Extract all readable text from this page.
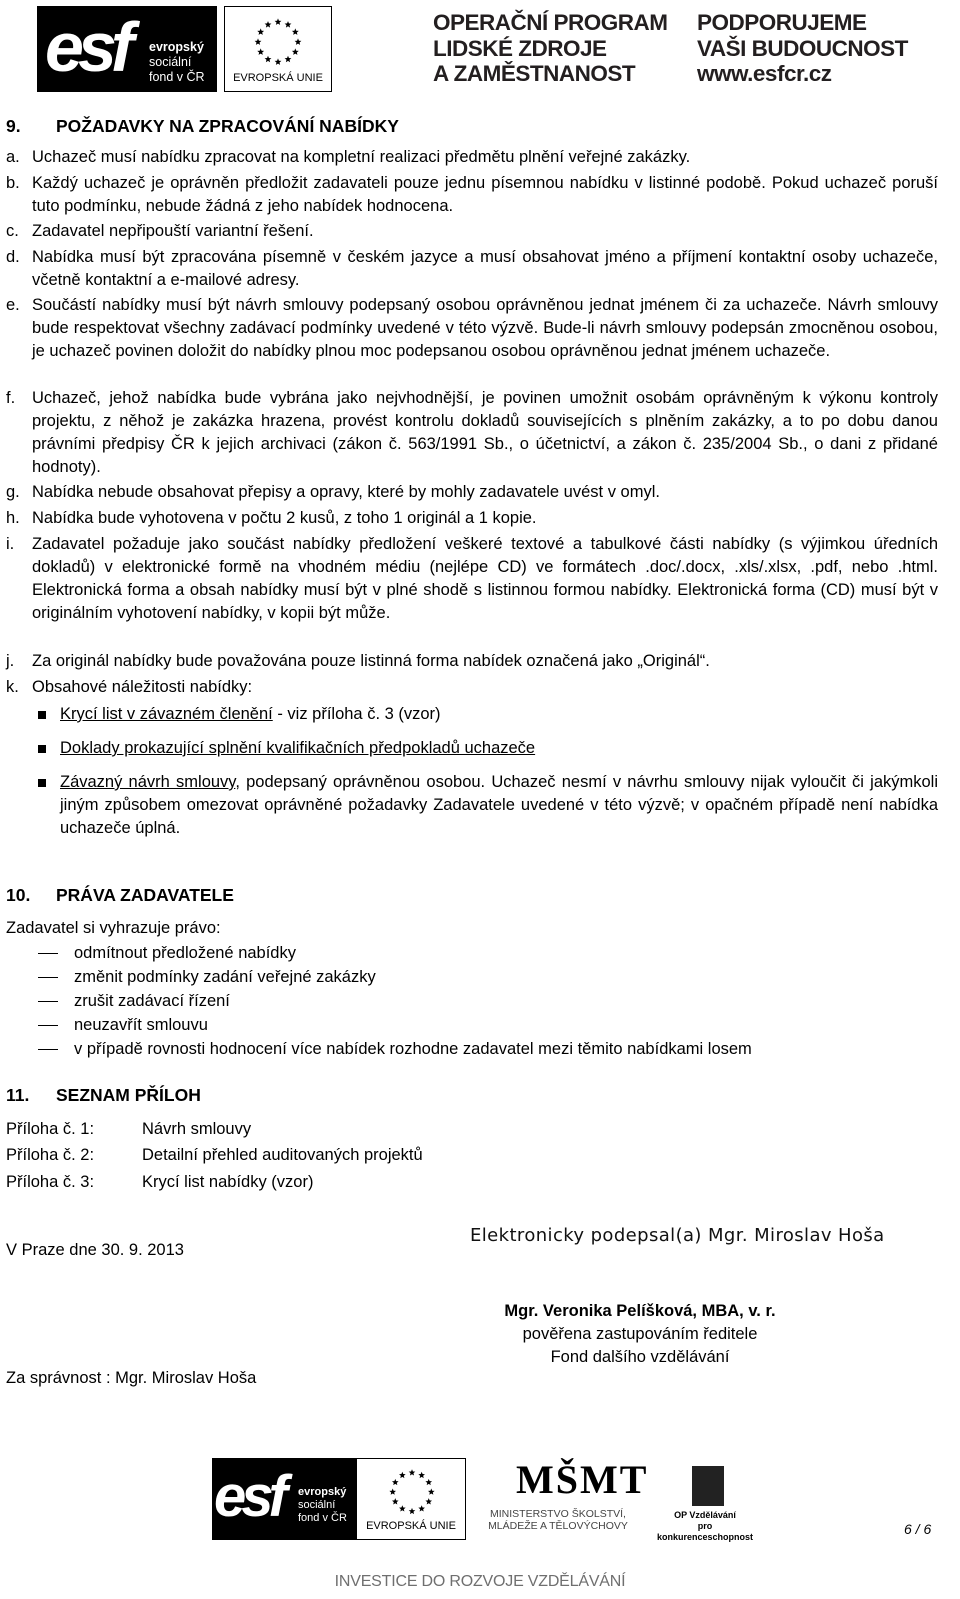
esf evropský
sociální
fond v ČR	EVROPSKÁ UNIE
OPERAČNÍ PROGRAM
LIDSKÉ ZDROJE
A ZAMĚSTNANOST
PODPORUJEME
VAŠI BUDOUCNOST
www.esfcr.cz
9. POŽADAVKY NA ZPRACOVÁNÍ NABÍDKY
a. Uchazeč musí nabídku zpracovat na kompletní realizaci předmětu plnění veřejné zakázky.
b. Každý uchazeč je oprávněn předložit zadavateli pouze jednu písemnou nabídku v listinné podobě. Pokud uchazeč poruší tuto podmínku, nebude žádná z jeho nabídek hodnocena.
c. Zadavatel nepřipouští variantní řešení.
d. Nabídka musí být zpracována písemně v českém jazyce a musí obsahovat jméno a příjmení kontaktní osoby uchazeče, včetně kontaktní a e-mailové adresy.
e. Součástí nabídky musí být návrh smlouvy podepsaný osobou oprávněnou jednat jménem či za uchazeče. Návrh smlouvy bude respektovat všechny zadávací podmínky uvedené v této výzvě. Bude-li návrh smlouvy podepsán zmocněnou osobou, je uchazeč povinen doložit do nabídky plnou moc podepsanou osobou oprávněnou jednat jménem uchazeče.
f.	Uchazeč, jehož nabídka bude vybrána jako nejvhodnější, je povinen umožnit osobám oprávněným k výkonu kontroly projektu, z něhož je zakázka hrazena, provést kontrolu dokladů souvisejících s plněním zakázky, a to po dobu danou právními předpisy ČR k jejich archivaci (zákon č. 563/1991 Sb., o účetnictví, a zákon č. 235/2004 Sb., o dani z přidané hodnoty).
g. Nabídka nebude obsahovat přepisy a opravy, které by mohly zadavatele uvést v omyl.
h. Nabídka bude vyhotovena v počtu 2 kusů, z toho 1 originál a 1 kopie.
i.	Zadavatel požaduje jako součást nabídky předložení veškeré textové a tabulkové části nabídky (s výjimkou úředních dokladů) v elektronické formě na vhodném médiu (nejlépe CD) ve formátech .doc/.docx, .xls/.xlsx, .pdf, nebo .html. Elektronická forma a obsah nabídky musí být v plné shodě s listinnou formou nabídky. Elektronická forma (CD) musí být v originálním vyhotovení nabídky, v kopii být může.
j.	Za originál nabídky bude považována pouze listinná forma nabídek označená jako „Originál“.
k. Obsahové náležitosti nabídky:
Krycí list v závazném členění - viz příloha č. 3 (vzor)
Doklady prokazující splnění kvalifikačních předpokladů uchazeče
Závazný návrh smlouvy, podepsaný oprávněnou osobou. Uchazeč nesmí v návrhu smlouvy nijak vyloučit či jakýmkoli jiným způsobem omezovat oprávněné požadavky Zadavatele uvedené v této výzvě; v opačném případě není nabídka uchazeče úplná.
10. PRÁVA ZADAVATELE
Zadavatel si vyhrazuje právo:
odmítnout předložené nabídky
změnit podmínky zadání veřejné zakázky
zrušit zadávací řízení
neuzavřít smlouvu
v případě rovnosti hodnocení více nabídek rozhodne zadavatel mezi těmito nabídkami losem
11. SEZNAM PŘÍLOH
Příloha č. 1:	Návrh smlouvy
Příloha č. 2:	Detailní přehled auditovaných projektů
Příloha č. 3:	Krycí list nabídky (vzor)
Elektronicky podepsal(a) Mgr. Miroslav Hoša
V Praze dne 30. 9. 2013
Mgr. Veronika Pelíšková, MBA, v. r.
pověřena zastupováním ředitele
Fond dalšího vzdělávání
Za správnost : Mgr. Miroslav Hoša
esf evropský
sociální
fond v ČR
EVROPSKÁ UNIE
MŠMT
MINISTERSTVO ŠKOLSTVÍ,
MLÁDEŽE A TĚLOVÝCHOVY
OP Vzdělávání
pro konkurenceschopnost	6 / 6
INVESTICE DO ROZVOJE VZDĚLÁVÁNÍ
